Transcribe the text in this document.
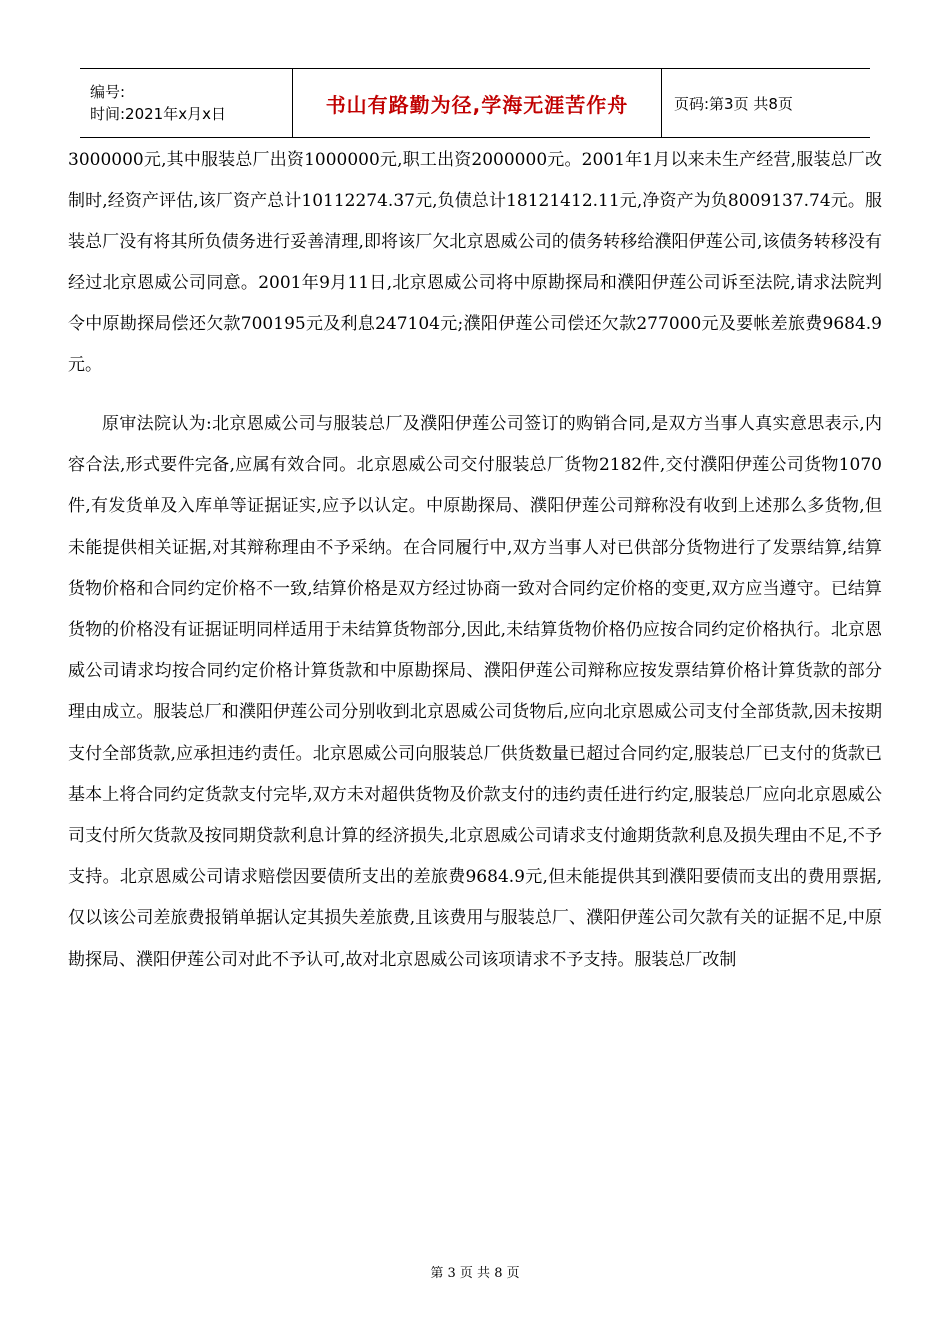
编号:
时间:2021年x月x日	书山有路勤为径,学海无涯苦作舟	页码:第3页 共8页

3000000元,其中服装总厂出资1000000元,职工出资2000000元。2001年1月以来未生产经营,服装总厂改制时,经资产评估,该厂资产总计10112274.37元,负债总计18121412.11元,净资产为负8009137.74元。服装总厂没有将其所负债务进行妥善清理,即将该厂欠北京恩威公司的债务转移给濮阳伊莲公司,该债务转移没有经过北京恩威公司同意。2001年9月11日,北京恩威公司将中原勘探局和濮阳伊莲公司诉至法院,请求法院判令中原勘探局偿还欠款700195元及利息247104元;濮阳伊莲公司偿还欠款277000元及要帐差旅费9684.9元。

原审法院认为:北京恩威公司与服装总厂及濮阳伊莲公司签订的购销合同,是双方当事人真实意思表示,内容合法,形式要件完备,应属有效合同。北京恩威公司交付服装总厂货物2182件,交付濮阳伊莲公司货物1070件,有发货单及入库单等证据证实,应予以认定。中原勘探局、濮阳伊莲公司辩称没有收到上述那么多货物,但未能提供相关证据,对其辩称理由不予采纳。在合同履行中,双方当事人对已供部分货物进行了发票结算,结算货物价格和合同约定价格不一致,结算价格是双方经过协商一致对合同约定价格的变更,双方应当遵守。已结算货物的价格没有证据证明同样适用于未结算货物部分,因此,未结算货物价格仍应按合同约定价格执行。北京恩威公司请求均按合同约定价格计算货款和中原勘探局、濮阳伊莲公司辩称应按发票结算价格计算货款的部分理由成立。服装总厂和濮阳伊莲公司分别收到北京恩威公司货物后,应向北京恩威公司支付全部货款,因未按期支付全部货款,应承担违约责任。北京恩威公司向服装总厂供货数量已超过合同约定,服装总厂已支付的货款已基本上将合同约定货款支付完毕,双方未对超供货物及价款支付的违约责任进行约定,服装总厂应向北京恩威公司支付所欠货款及按同期贷款利息计算的经济损失,北京恩威公司请求支付逾期货款利息及损失理由不足,不予支持。北京恩威公司请求赔偿因要债所支出的差旅费9684.9元,但未能提供其到濮阳要债而支出的费用票据,仅以该公司差旅费报销单据认定其损失差旅费,且该费用与服装总厂、濮阳伊莲公司欠款有关的证据不足,中原勘探局、濮阳伊莲公司对此不予认可,故对北京恩威公司该项请求不予支持。服装总厂改制

第 3 页 共 8 页
